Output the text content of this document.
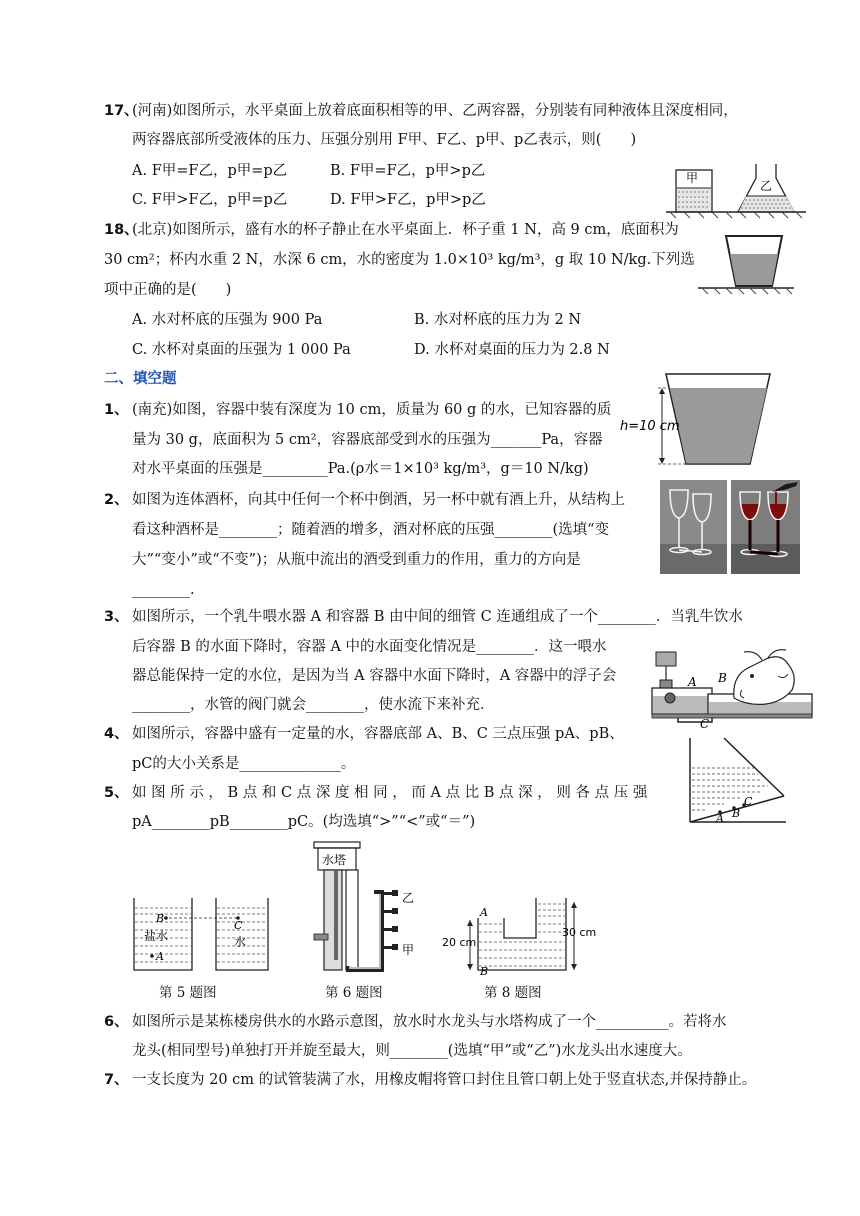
17、
(河南)如图所示，水平桌面上放着底面积相等的甲、乙两容器，分别装有同种液体且深度相同，
两容器底部所受液体的压力、压强分别用 F甲、F乙、p甲、p乙表示，则(　　)
A. F甲=F乙，p甲=p乙	B. F甲=F乙，p甲>p乙
C. F甲>F乙，p甲=p乙	D. F甲>F乙，p甲>p乙
甲
乙
18、
(北京)如图所示，盛有水的杯子静止在水平桌面上．杯子重 1 N，高 9 cm，底面积为
30 cm²；杯内水重 2 N，水深 6 cm，水的密度为 1.0×10³ kg/m³，g 取 10 N/kg.下列选
项中正确的是(　　)
A. 水对杯底的压强为 900 Pa	B. 水对杯底的压力为 2 N
C. 水杯对桌面的压强为 1 000 Pa	D. 水杯对桌面的压力为 2.8 N
二、填空题
1、 (南充)如图，容器中装有深度为 10 cm，质量为 60 g 的水，已知容器的质
量为 30 g，底面积为 5 cm²，容器底部受到水的压强为_______Pa，容器
对水平桌面的压强是_________Pa.(ρ水＝1×10³ kg/m³，g＝10 N/kg)
h=10 cm
2、 如图为连体酒杯，向其中任何一个杯中倒酒，另一杯中就有酒上升，从结构上
看这种酒杯是________；随着酒的增多，酒对杯底的压强________(选填“变
大”“变小”或“不变”)；从瓶中流出的酒受到重力的作用，重力的方向是
________.
3、 如图所示，一个乳牛喂水器 A 和容器 B 由中间的细管 C 连通组成了一个________．当乳牛饮水
后容器 B 的水面下降时，容器 A 中的水面变化情况是________．这一喂水
器总能保持一定的水位，是因为当 A 容器中水面下降时，A 容器中的浮子会
________，水管的阀门就会________，使水流下来补充．
A B
C
4、 如图所示，容器中盛有一定量的水，容器底部 A、B、C 三点压强 pA、pB、
pC的大小关系是______________。
A B
C
5、 如 图 所 示 ， B 点 和 C 点 深 度 相 同 ， 而 A 点 比 B 点 深 ， 则 各 点 压 强
pA________pB________pC。(均选填“>”“<”或“＝”)
B
C
A
盐水	水
第 5 题图
水塔
乙
甲
第 6 题图
20 cm
30 cm
A
B
第 8 题图
6、 如图所示是某栋楼房供水的水路示意图，放水时水龙头与水塔构成了一个__________。若将水
龙头(相同型号)单独打开并旋至最大，则________(选填“甲”或“乙”)水龙头出水速度大。
7、 一支长度为 20 cm 的试管装满了水，用橡皮帽将管口封住且管口朝上处于竖直状态,并保持静止。
